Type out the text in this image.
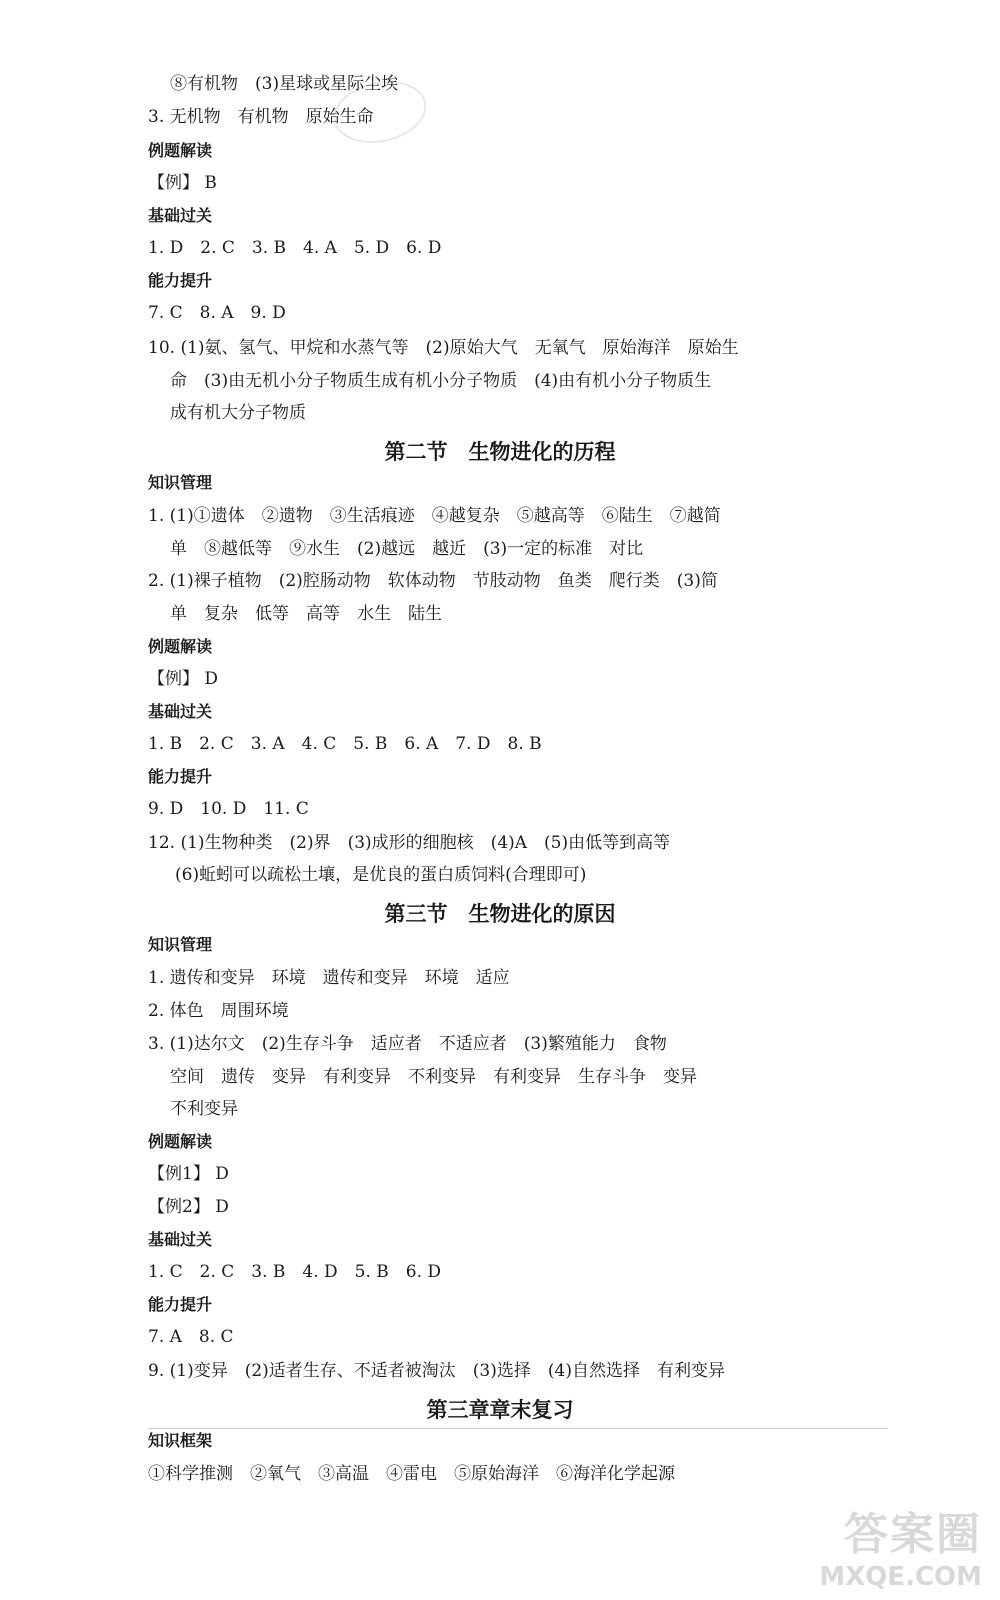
⑧有机物　(3)星球或星际尘埃
3. 无机物　有机物　原始生命
例题解读
【例】 B
基础过关
1. D　2. C　3. B　4. A　5. D　6. D
能力提升
7. C　8. A　9. D
10. (1)氨、氢气、甲烷和水蒸气等　(2)原始大气　无氧气　原始海洋　原始生
命　(3)由无机小分子物质生成有机小分子物质　(4)由有机小分子物质生
成有机大分子物质
第二节　生物进化的历程
知识管理
1. (1)①遗体　②遗物　③生活痕迹　④越复杂　⑤越高等　⑥陆生　⑦越简
单　⑧越低等　⑨水生　(2)越远　越近　(3)一定的标准　对比
2. (1)裸子植物　(2)腔肠动物　软体动物　节肢动物　鱼类　爬行类　(3)简
单　复杂　低等　高等　水生　陆生
例题解读
【例】 D
基础过关
1. B　2. C　3. A　4. C　5. B　6. A　7. D　8. B
能力提升
9. D　10. D　11. C
12. (1)生物种类　(2)界　(3)成形的细胞核　(4)A　(5)由低等到高等
(6)蚯蚓可以疏松土壤，是优良的蛋白质饲料(合理即可)
第三节　生物进化的原因
知识管理
1. 遗传和变异　环境　遗传和变异　环境　适应
2. 体色　周围环境
3. (1)达尔文　(2)生存斗争　适应者　不适应者　(3)繁殖能力　食物
空间　遗传　变异　有利变异　不利变异　有利变异　生存斗争　变异
不利变异
例题解读
【例1】 D
【例2】 D
基础过关
1. C　2. C　3. B　4. D　5. B　6. D
能力提升
7. A　8. C
9. (1)变异　(2)适者生存、不适者被淘汰　(3)选择　(4)自然选择　有利变异
第三章章末复习
知识框架
①科学推测　②氧气　③高温　④雷电　⑤原始海洋　⑥海洋化学起源
答案圈
MXQE.COM
